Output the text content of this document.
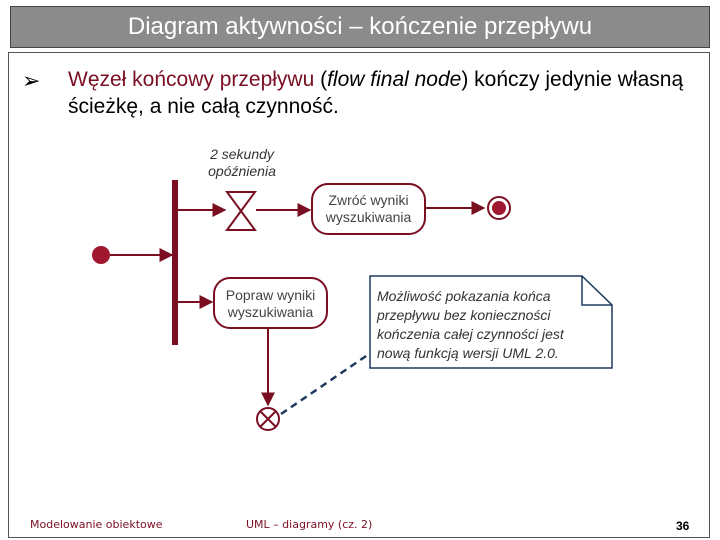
Diagram aktywności – kończenie przepływu
➢ Węzeł końcowy przepływu (flow final node) kończy jedynie własną ścieżkę, a nie całą czynność.
2 sekundy
opóźnienia
Zwróć wyniki
wyszukiwania
Popraw wyniki
wyszukiwania
Możliwość pokazania końca przepływu bez konieczności kończenia całej czynności jest nową funkcją wersji UML 2.0.
Modelowanie obiektowe	UML – diagramy (cz. 2)	36
